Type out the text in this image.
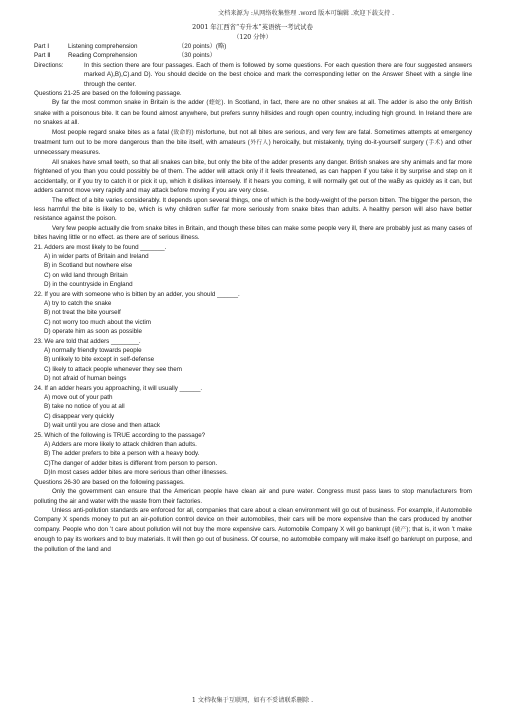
文档来源为 :从网络收集整理 .word 版本可编辑 .欢迎下载支持 .
2001 年江西省“专升本”英语统一考试试卷
（120 分钟）
Part Ⅰ	Listening comprehension	（20 points）(略)
Part Ⅱ	Reading Comprehension	（30 points）
Directions:	In this section there are four passages. Each of them is followed by some questions. For each question there are four suggested answers marked A),B),C).and D). You should decide on the best choice and mark the corresponding letter on the Answer Sheet with a single line through the center.

Questions 21-25 are based on the following passage.

By far the most common snake in Britain is the adder (蝰蛇). In Scotland, in fact, there are no other snakes at all. The adder is also the only British snake with a poisonous bite. It can be found almost anywhere, but prefers sunny hillsides and rough open country, including high ground. In Ireland there are no snakes at all.

Most people regard snake bites as a fatal (致命的) misfortune, but not all bites are serious, and very few are fatal. Sometimes attempts at emergency treatment turn out to be more dangerous than the bite itself, with amateurs (外行人) heroically, but mistakenly, trying do-it-yourself surgery (手术) and other unnecessary measures.

All snakes have small teeth, so that all snakes can bite, but only the bite of the adder presents any danger. British snakes are shy animals and far more frightened of you than you could possibly be of them. The adder will attack only if it feels threatened, as can happen if you take it by surprise and step on it accidentally, or if you try to catch it or pick it up, which it dislikes intensely. If it hears you coming, it will normally get out of the waBy as quickly as it can, but adders cannot move very rapidly and may attack before moving if you are very close.

The effect of a bite varies considerably. It depends upon several things, one of which is the body-weight of the person bitten. The bigger the person, the less harmful the bite is likely to be, which is why children suffer far more seriously from snake bites than adults. A healthy person will also have better resistance against the poison.

Very few people actually die from snake bites in Britain, and though these bites can make some people very ill, there are probably just as many cases of bites having little or no effect. as there are of serious illness.

21. Adders are most likely to be found _______.

A) in wider parts of Britain and Ireland

B) in Scotland but nowhere else

C) on wild land through Britain

D) in the countryside in England

22. If you are with someone who is bitten by an adder, you should ______.

A) try to catch the snake

B) not treat the bite yourself

C) not worry too much about the victim

D) operate him as soon as possible

23. We are told that adders ________.

A) normally friendly towards people

B) unlikely to bite except in self-defense

C) likely to attack people whenever they see them

D) not afraid of human beings

24. If an adder hears you approaching, it will usually ______.

A) move out of your path

B) take no notice of you at all

C) disappear very quickly

D) wait until you are close and then attack

25. Which of the following is TRUE according to the passage?

A) Adders are more likely to attack children than adults.

B) The adder prefers to bite a person with a heavy body.

C)The danger of adder bites is different from person to person.

D)In most cases adder bites are more serious than other illnesses.

Questions 26-30 are based on the following passages.

Only the government can ensure that the American people have clean air and pure water. Congress must pass laws to stop manufacturers from polluting the air and water with the waste from their factories.

Unless anti-pollution standards are enforced for all, companies that care about a clean environment will go out of business. For example, if Automobile Company X spends money to put an air-pollution control device on their automobiles, their cars will be more expensive than the cars produced by another company. People who don ’t care about pollution will not buy the more expensive cars. Automobile Company X will go bankrupt (破产); that is, it won ’t make enough to pay its workers and to buy materials. It will then go out of business. Of course, no automobile company will make itself go bankrupt on purpose, and the pollution of the land and

1 文档收集于互联网，如有不妥请联系删除 .
